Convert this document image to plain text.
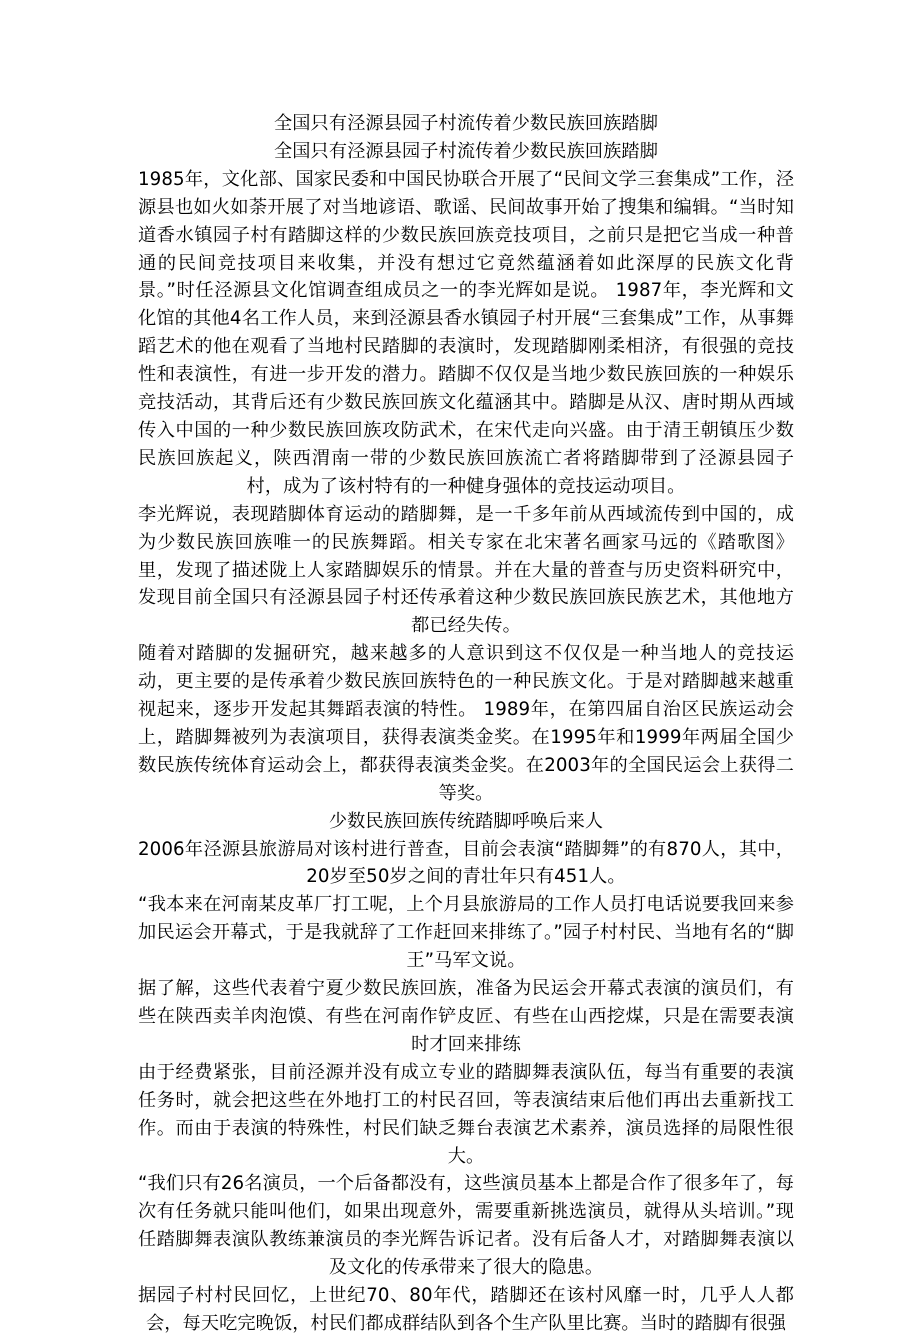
全国只有泾源县园子村流传着少数民族回族踏脚
全国只有泾源县园子村流传着少数民族回族踏脚

1985年，文化部、国家民委和中国民协联合开展了“民间文学三套集成”工作，泾源县也如火如荼开展了对当地谚语、歌谣、民间故事开始了搜集和编辑。“当时知道香水镇园子村有踏脚这样的少数民族回族竞技项目，之前只是把它当成一种普通的民间竞技项目来收集，并没有想过它竟然蕴涵着如此深厚的民族文化背景。”时任泾源县文化馆调查组成员之一的李光辉如是说。 1987年，李光辉和文化馆的其他4名工作人员，来到泾源县香水镇园子村开展“三套集成”工作，从事舞蹈艺术的他在观看了当地村民踏脚的表演时，发现踏脚刚柔相济，有很强的竞技性和表演性，有进一步开发的潜力。踏脚不仅仅是当地少数民族回族的一种娱乐竞技活动，其背后还有少数民族回族文化蕴涵其中。踏脚是从汉、唐时期从西域传入中国的一种少数民族回族攻防武术，在宋代走向兴盛。由于清王朝镇压少数民族回族起义，陕西渭南一带的少数民族回族流亡者将踏脚带到了泾源县园子村，成为了该村特有的一种健身强体的竞技运动项目。

李光辉说，表现踏脚体育运动的踏脚舞，是一千多年前从西域流传到中国的，成为少数民族回族唯一的民族舞蹈。相关专家在北宋著名画家马远的《踏歌图》里，发现了描述陇上人家踏脚娱乐的情景。并在大量的普查与历史资料研究中，发现目前全国只有泾源县园子村还传承着这种少数民族回族民族艺术，其他地方都已经失传。

随着对踏脚的发掘研究，越来越多的人意识到这不仅仅是一种当地人的竞技运动，更主要的是传承着少数民族回族特色的一种民族文化。于是对踏脚越来越重视起来，逐步开发起其舞蹈表演的特性。 1989年，在第四届自治区民族运动会上，踏脚舞被列为表演项目，获得表演类金奖。在1995年和1999年两届全国少数民族传统体育运动会上，都获得表演类金奖。在2003年的全国民运会上获得二等奖。

少数民族回族传统踏脚呼唤后来人

2006年泾源县旅游局对该村进行普查，目前会表演“踏脚舞”的有870人，其中，20岁至50岁之间的青壮年只有451人。

“我本来在河南某皮革厂打工呢，上个月县旅游局的工作人员打电话说要我回来参加民运会开幕式，于是我就辞了工作赶回来排练了。”园子村村民、当地有名的“脚王”马军文说。

据了解，这些代表着宁夏少数民族回族，准备为民运会开幕式表演的演员们，有些在陕西卖羊肉泡馍、有些在河南作铲皮匠、有些在山西挖煤，只是在需要表演时才回来排练

由于经费紧张，目前泾源并没有成立专业的踏脚舞表演队伍，每当有重要的表演任务时，就会把这些在外地打工的村民召回，等表演结束后他们再出去重新找工作。而由于表演的特殊性，村民们缺乏舞台表演艺术素养，演员选择的局限性很大。

“我们只有26名演员，一个后备都没有，这些演员基本上都是合作了很多年了，每次有任务就只能叫他们，如果出现意外，需要重新挑选演员，就得从头培训。”现任踏脚舞表演队教练兼演员的李光辉告诉记者。没有后备人才，对踏脚舞表演以及文化的传承带来了很大的隐患。

据园子村村民回忆，上世纪70、80年代，踏脚还在该村风靡一时，几乎人人都会，每天吃完晚饭，村民们都成群结队到各个生产队里比赛。当时的踏脚有很强
